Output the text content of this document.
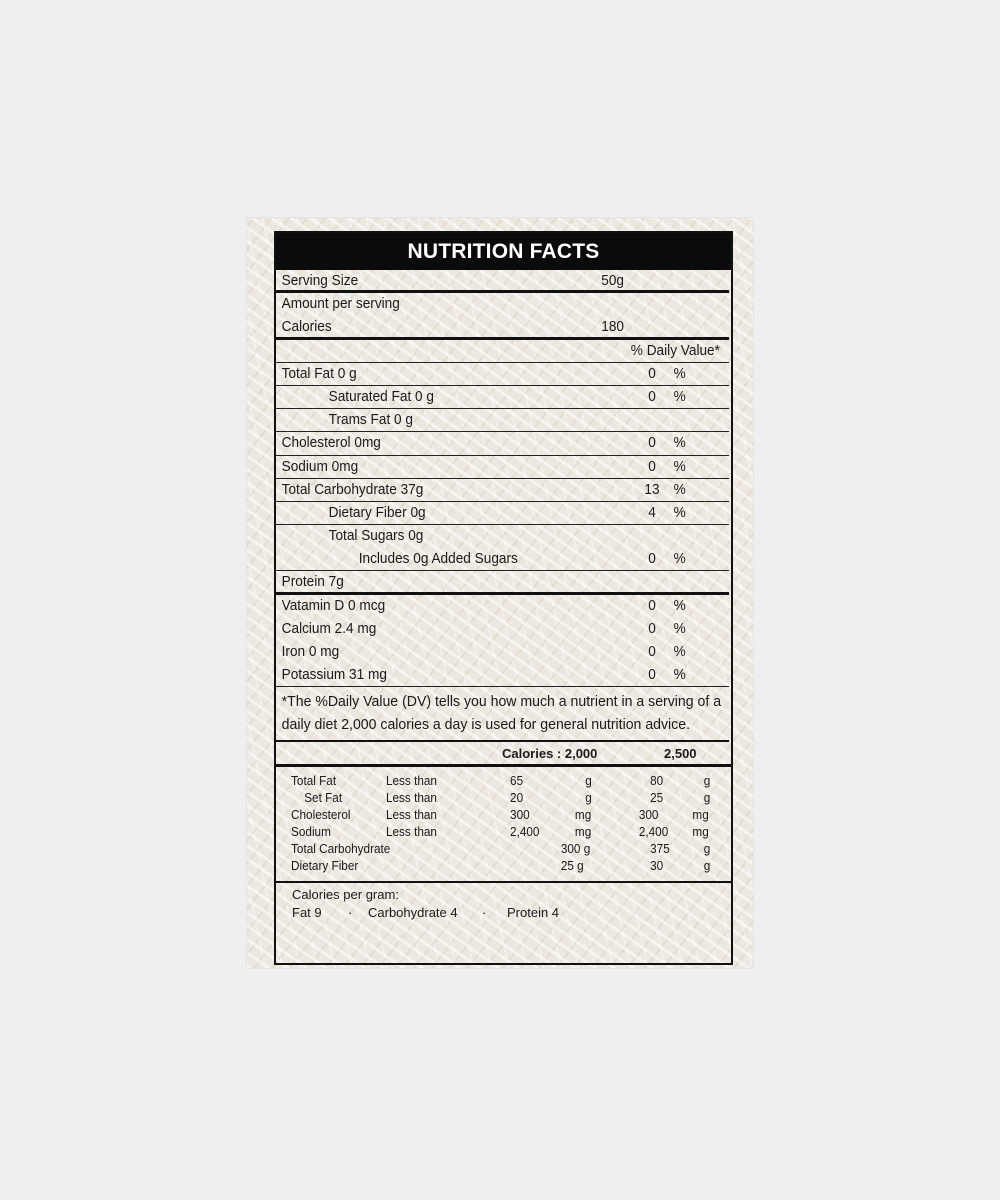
NUTRITION FACTS
Serving Size	50g
Amount per serving
Calories	180
% Daily Value*
Total Fat 0 g	0	%
Saturated Fat 0 g	0	%
Trams Fat 0 g
Cholesterol 0mg	0	%
Sodium 0mg	0	%
Total Carbohydrate 37g	13 %
Dietary Fiber 0g	4	%
Total Sugars 0g
Includes 0g Added Sugars	0	%
Protein 7g
Vatamin D 0 mcg	0	%
Calcium 2.4 mg	0	%
Iron 0 mg	0	%
Potassium 31 mg	0	%
*The %Daily Value (DV) tells you how much a nutrient in a serving of a daily diet 2,000 calories a day is used for general nutrition advice.
Calories : 2,000	2,500
Total Fat	Less than	65	g	80	g
Set Fat	Less than	20	g	25	g
Cholesterol	Less than	300	mg	300	mg
Sodium	Less than	2,400	mg	2,400 mg
Total Carbohydrate	300 g	375	g
Dietary Fiber	25 g	30	g
Calories per gram:
Fat 9 · Carbohydrate 4 · Protein 4
